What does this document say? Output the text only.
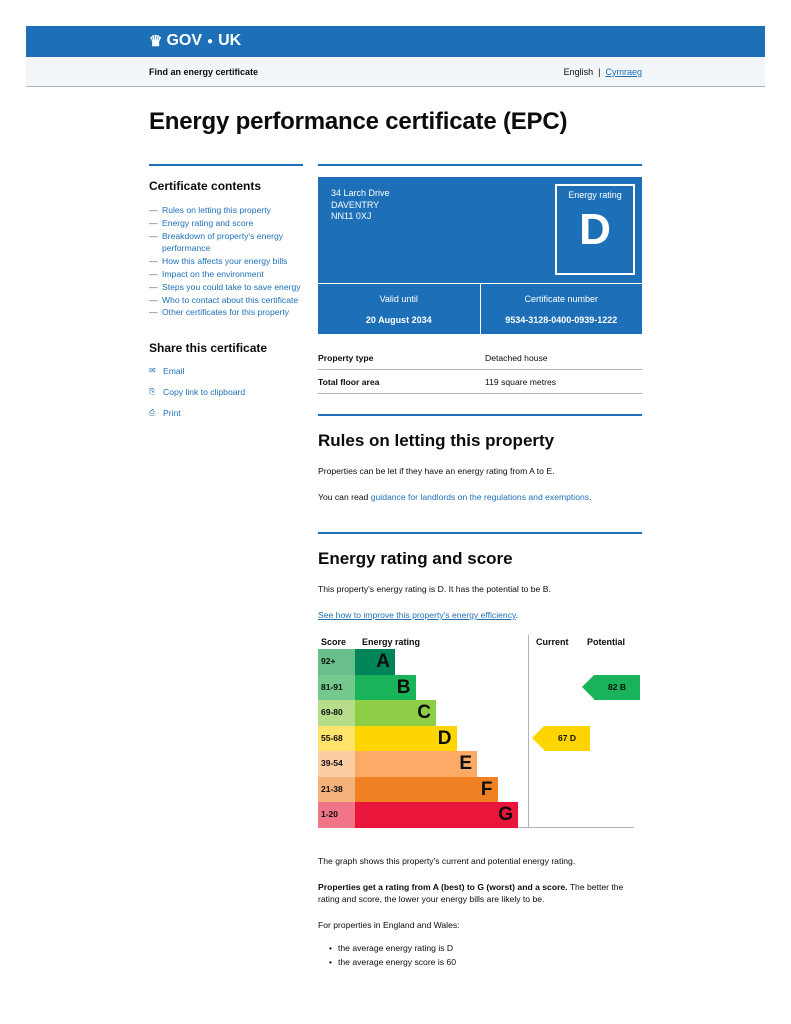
♛ GOV ● UK
Find an energy certificate	English | Cymraeg
Energy performance certificate (EPC)
Certificate contents
— Rules on letting this property
— Energy rating and score
— Breakdown of property's energy performance
— How this affects your energy bills
— Impact on the environment
— Steps you could take to save energy
— Who to contact about this certificate
— Other certificates for this property
Share this certificate
✉ Email
⎘ Copy link to clipboard
⎙ Print
34 Larch Drive
DAVENTRY
NN11 0XJ
Energy rating
D
Valid until
20 August 2034
Certificate number
9534-3128-0400-0939-1222
Property type	Detached house
Total floor area	119 square metres
Rules on letting this property

Properties can be let if they have an energy rating from A to E.

You can read guidance for landlords on the regulations and exemptions.

Energy rating and score

This property's energy rating is D. It has the potential to be B.

See how to improve this property's energy efficiency.

Score Energy rating	Current Potential
92+	A
81-91	B
69-80	C
55-68	D
39-54	E
21-38	F
1-20	G
67 D
82 B

The graph shows this property's current and potential energy rating.

Properties get a rating from A (best) to G (worst) and a score. The better the rating and score, the lower your energy bills are likely to be.

For properties in England and Wales:

• the average energy rating is D
• the average energy score is 60
